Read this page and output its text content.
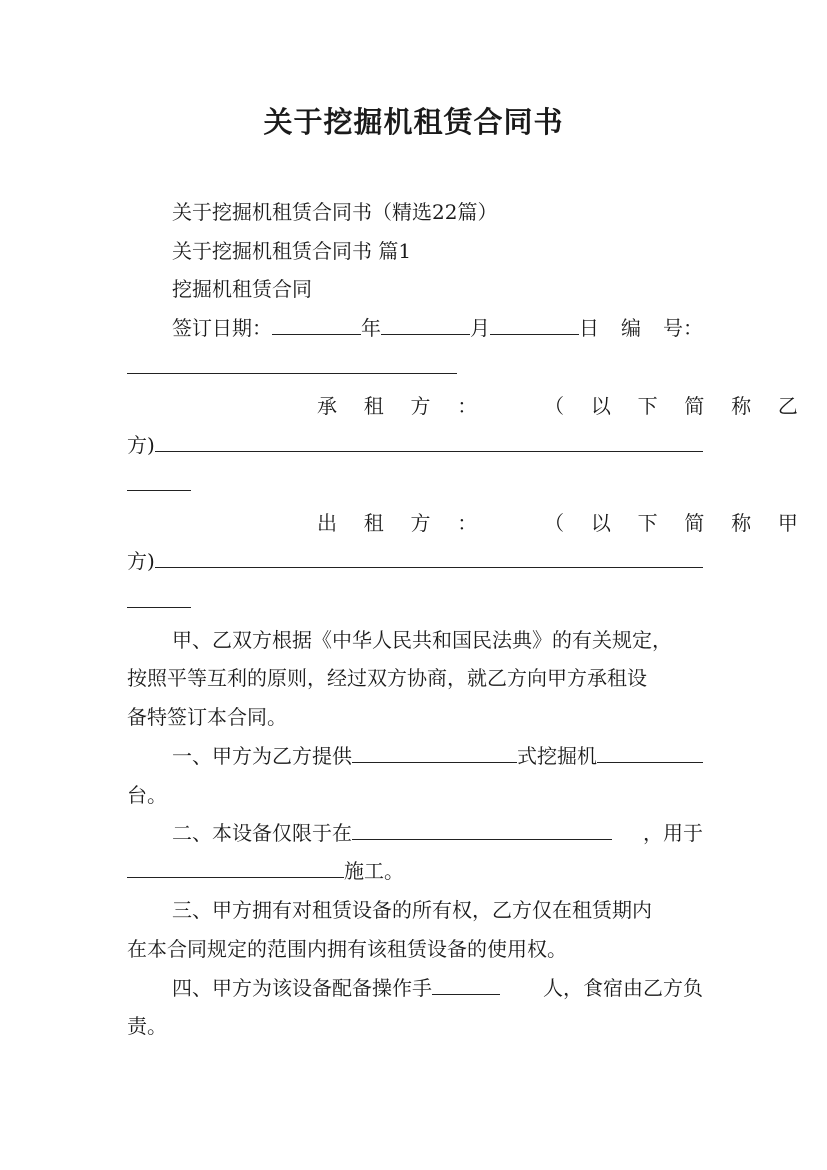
关于挖掘机租赁合同书
关于挖掘机租赁合同书（精选22篇）
关于挖掘机租赁合同书 篇1
挖掘机租赁合同
签订日期：	年	月	日 编 号：
承 租 方 ：	（ 以 下 简 称 乙
方)
出 租 方 ：	（ 以 下 简 称 甲
方)
甲、乙双方根据《中华人民共和国民法典》的有关规定，
按照平等互利的原则，经过双方协商，就乙方向甲方承租设
备特签订本合同。
一、甲方为乙方提供	式挖掘机
台。
二、本设备仅限于在	，用于
施工。
三、甲方拥有对租赁设备的所有权，乙方仅在租赁期内
在本合同规定的范围内拥有该租赁设备的使用权。
四、甲方为该设备配备操作手	人，食宿由乙方负
责。
